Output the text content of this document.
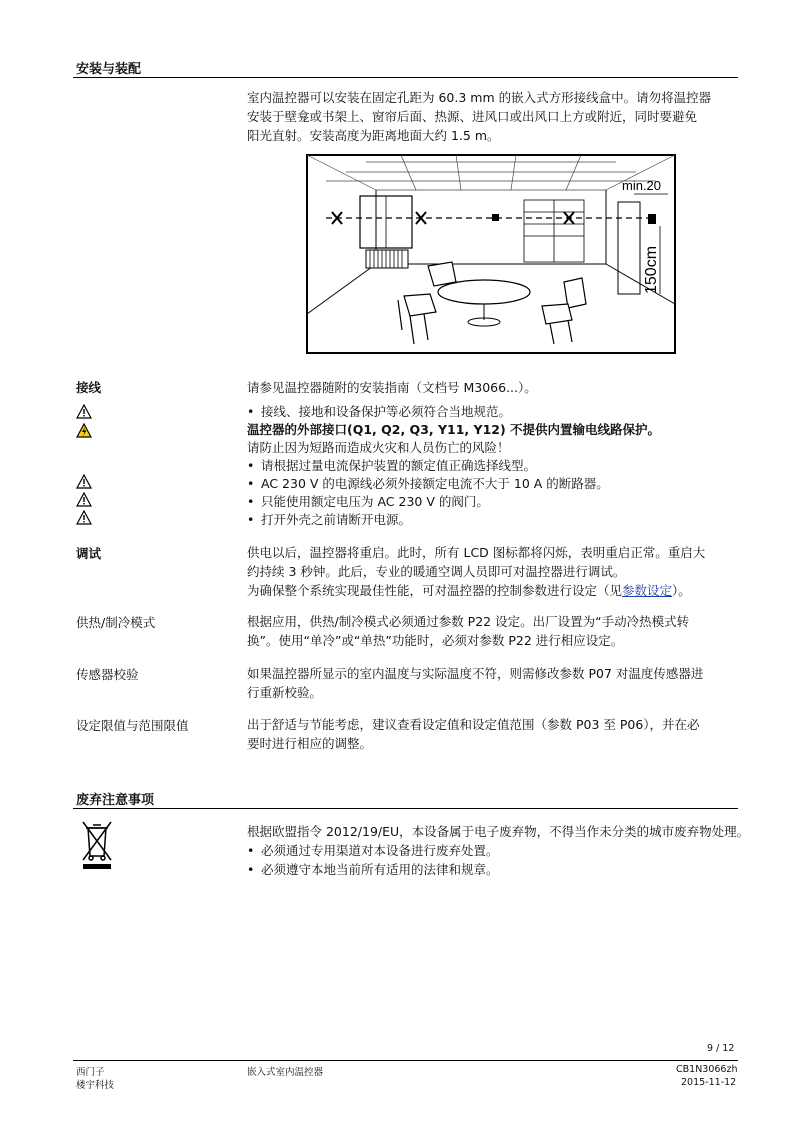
安装与装配
室内温控器可以安装在固定孔距为 60.3 mm 的嵌入式方形接线盒中。请勿将温控器
安装于壁龛或书架上、窗帘后面、热源、进风口或出风口上方或附近，同时要避免
阳光直射。安装高度为距离地面大约 1.5 m。
min.20
150cm
接线	请参见温控器随附的安装指南（文档号 M3066...）。
• 接线、接地和设备保护等必须符合当地规范。
温控器的外部接口(Q1, Q2, Q3, Y11, Y12) 不提供内置输电线路保护。
请防止因为短路而造成火灾和人员伤亡的风险！
• 请根据过量电流保护装置的额定值正确选择线型。
• AC 230 V 的电源线必须外接额定电流不大于 10 A 的断路器。
• 只能使用额定电压为 AC 230 V 的阀门。
• 打开外壳之前请断开电源。
调试	供电以后，温控器将重启。此时，所有 LCD 图标都将闪烁，表明重启正常。重启大
约持续 3 秒钟。此后，专业的暖通空调人员即可对温控器进行调试。
为确保整个系统实现最佳性能，可对温控器的控制参数进行设定（见参数设定）。
供热/制冷模式	根据应用，供热/制冷模式必须通过参数 P22 设定。出厂设置为“手动冷热模式转
换”。使用“单冷”或“单热”功能时，必须对参数 P22 进行相应设定。
传感器校验	如果温控器所显示的室内温度与实际温度不符，则需修改参数 P07 对温度传感器进
行重新校验。
设定限值与范围限值	出于舒适与节能考虑，建议查看设定值和设定值范围（参数 P03 至 P06），并在必
要时进行相应的调整。
废弃注意事项
根据欧盟指令 2012/19/EU，本设备属于电子废弃物，不得当作未分类的城市废弃物处理。
• 必须通过专用渠道对本设备进行废弃处置。
• 必须遵守本地当前所有适用的法律和规章。
9 / 12
西门子
楼宇科技
嵌入式室内温控器	CB1N3066zh
2015-11-12
